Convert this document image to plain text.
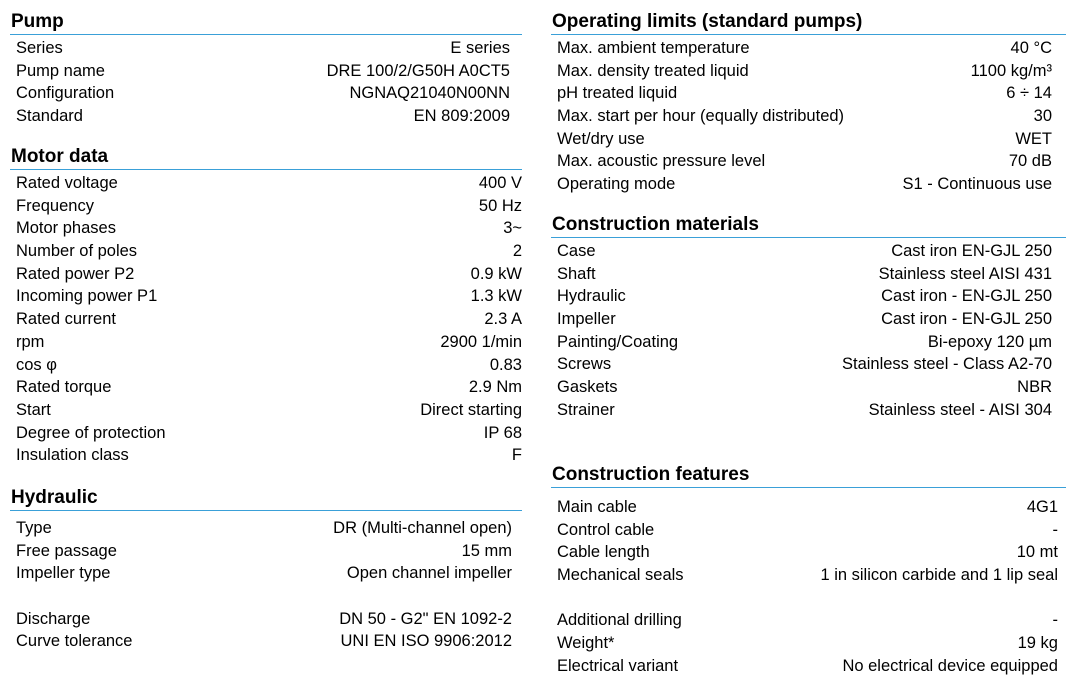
Pump
Series	E series
Pump name	DRE 100/2/G50H A0CT5
Configuration	NGNAQ21040N00NN
Standard	EN 809:2009
Motor data
Rated voltage	400 V
Frequency	50 Hz
Motor phases	3~
Number of poles	2
Rated power P2	0.9 kW
Incoming power P1	1.3 kW
Rated current	2.3 A
rpm	2900 1/min
cos φ	0.83
Rated torque	2.9 Nm
Start	Direct starting
Degree of protection	IP 68
Insulation class	F
Hydraulic
Type	DR (Multi-channel open)
Free passage	15 mm
Impeller type	Open channel impeller
Discharge	DN 50 - G2" EN 1092-2
Curve tolerance	UNI EN ISO 9906:2012
Operating limits (standard pumps)
Max. ambient temperature	40 °C
Max. density treated liquid	1100 kg/m³
pH treated liquid	6 ÷ 14
Max. start per hour (equally distributed)	30
Wet/dry use	WET
Max. acoustic pressure level	70 dB
Operating mode	S1 - Continuous use
Construction materials
Case	Cast iron EN-GJL 250
Shaft	Stainless steel AISI 431
Hydraulic	Cast iron - EN-GJL 250
Impeller	Cast iron - EN-GJL 250
Painting/Coating	Bi-epoxy 120 µm
Screws	Stainless steel - Class A2-70
Gaskets	NBR
Strainer	Stainless steel - AISI 304
Construction features
Main cable	4G1
Control cable	-
Cable length	10 mt
Mechanical seals	1 in silicon carbide and 1 lip seal
Additional drilling	-
Weight*	19 kg
Electrical variant	No electrical device equipped
